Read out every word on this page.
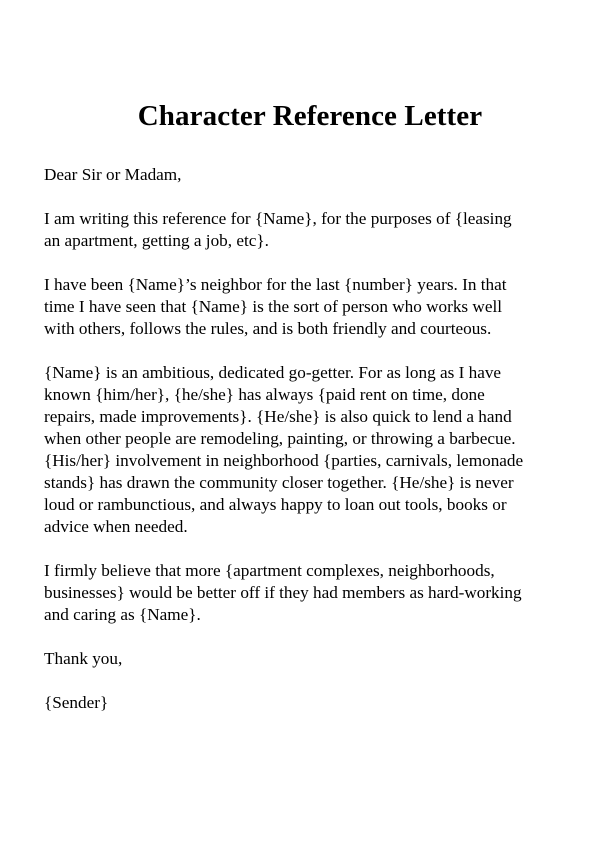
Character Reference Letter
Dear Sir or Madam,
I am writing this reference for {Name}, for the purposes of {leasing
an apartment, getting a job, etc}.
I have been {Name}’s neighbor for the last {number} years. In that
time I have seen that {Name} is the sort of person who works well
with others, follows the rules, and is both friendly and courteous.
{Name} is an ambitious, dedicated go-getter. For as long as I have
known {him/her}, {he/she} has always {paid rent on time, done
repairs, made improvements}. {He/she} is also quick to lend a hand
when other people are remodeling, painting, or throwing a barbecue.
{His/her} involvement in neighborhood {parties, carnivals, lemonade
stands} has drawn the community closer together. {He/she} is never
loud or rambunctious, and always happy to loan out tools, books or
advice when needed.
I firmly believe that more {apartment complexes, neighborhoods,
businesses} would be better off if they had members as hard-working
and caring as {Name}.
Thank you,
{Sender}
